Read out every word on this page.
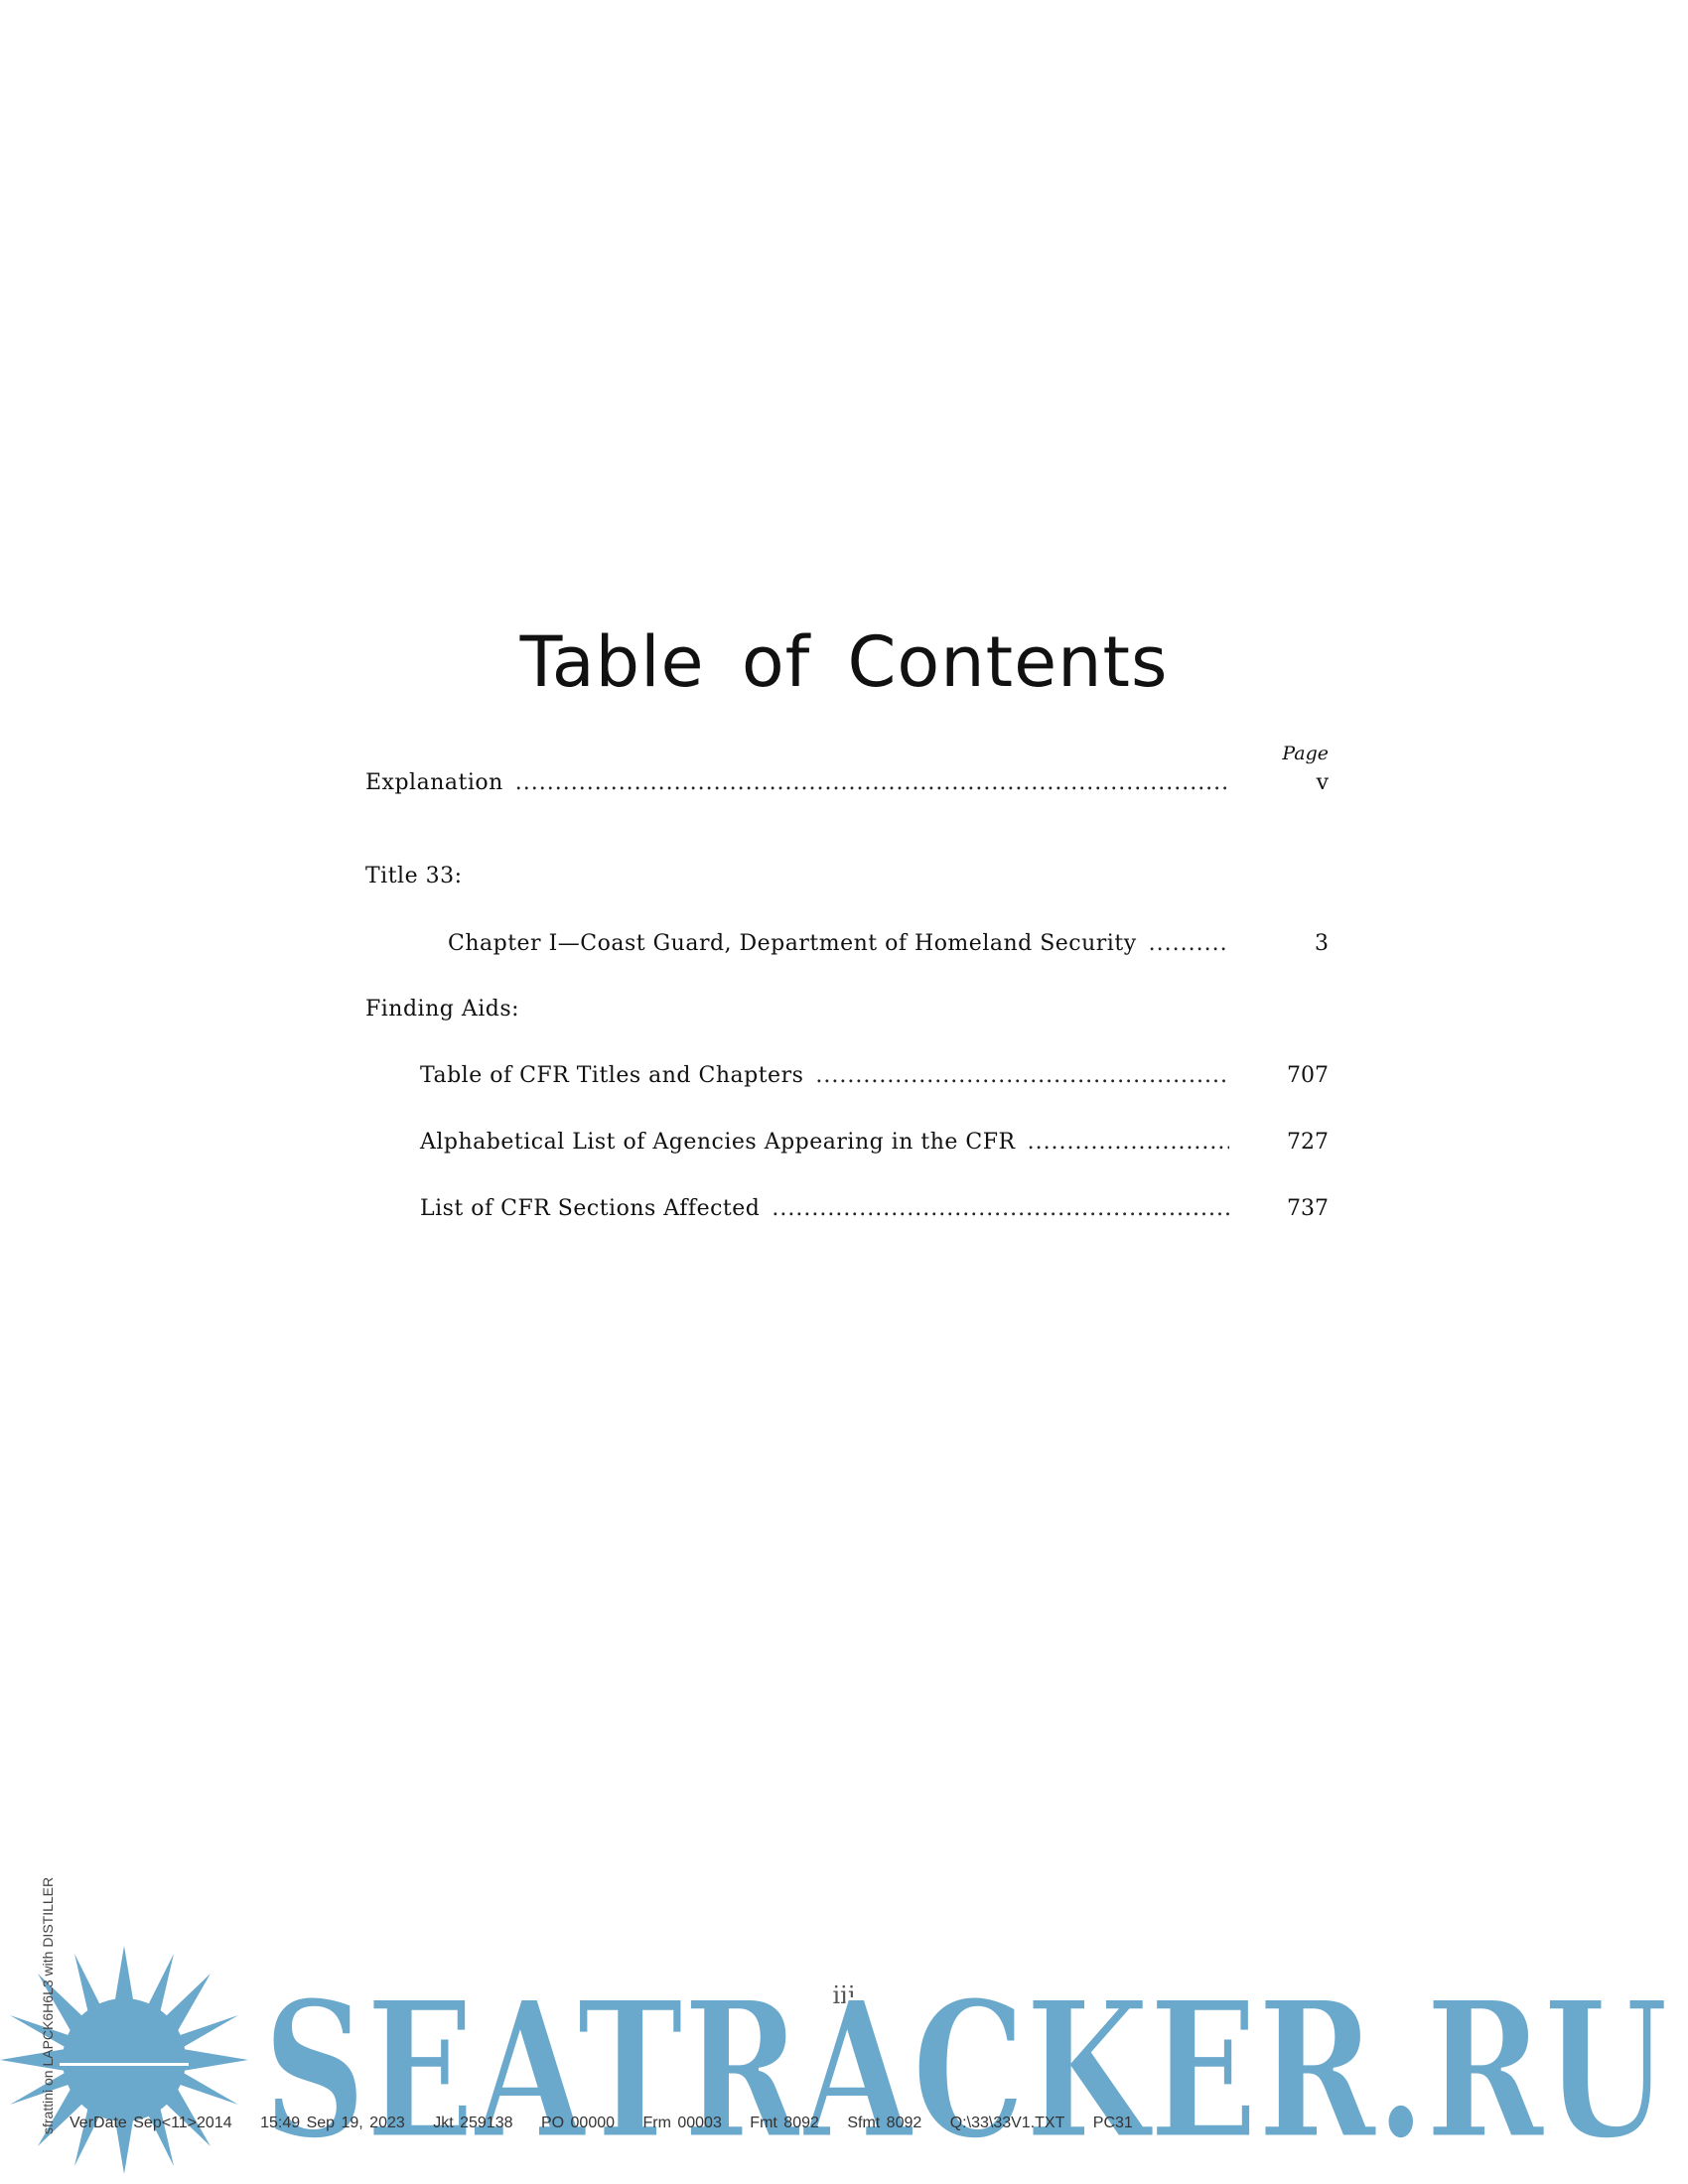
Table of Contents
Page
Explanation .....	v
Title 33:
Chapter I—Coast Guard, Department of Homeland Security .....	3
Finding Aids:
Table of CFR Titles and Chapters .....	707
Alphabetical List of Agencies Appearing in the CFR .....	727
List of CFR Sections Affected .....	737
iii
SEATRACKER.RU
VerDate Sep<11>2014 15:49 Sep 19, 2023 Jkt 259138 PO 00000 Frm 00003 Fmt 8092 Sfmt 8092 Q:\33\33V1.TXT PC31
sfrattini on LAPCK6H6L3 with DISTILLER
